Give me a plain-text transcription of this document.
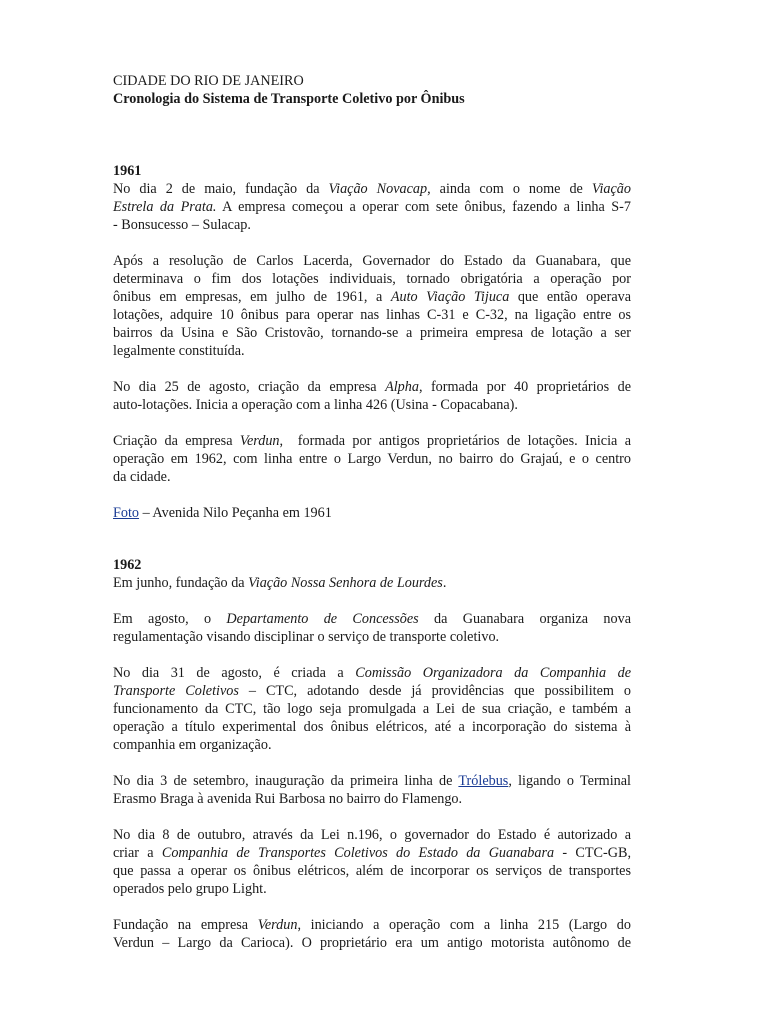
CIDADE DO RIO DE JANEIRO
Cronologia do Sistema de Transporte Coletivo por Ônibus
1961
No dia 2 de maio, fundação da Viação Novacap, ainda com o nome de Viação
Estrela da Prata. A empresa começou a operar com sete ônibus, fazendo a linha S-7
- Bonsucesso – Sulacap.
Após a resolução de Carlos Lacerda, Governador do Estado da Guanabara, que
determinava o fim dos lotações individuais, tornado obrigatória a operação por
ônibus em empresas, em julho de 1961, a Auto Viação Tijuca que então operava
lotações, adquire 10 ônibus para operar nas linhas C-31 e C-32, na ligação entre os
bairros da Usina e São Cristovão, tornando-se a primeira empresa de lotação a ser
legalmente constituída.
No dia 25 de agosto, criação da empresa Alpha, formada por 40 proprietários de
auto-lotações. Inicia a operação com a linha 426 (Usina - Copacabana).
Criação da empresa Verdun,  formada por antigos proprietários de lotações. Inicia a
operação em 1962, com linha entre o Largo Verdun, no bairro do Grajaú, e o centro
da cidade.
Foto – Avenida Nilo Peçanha em 1961
1962
Em junho, fundação da Viação Nossa Senhora de Lourdes.
Em agosto, o Departamento de Concessões da Guanabara organiza nova
regulamentação visando disciplinar o serviço de transporte coletivo.
No dia 31 de agosto, é criada a Comissão Organizadora da Companhia de
Transporte Coletivos – CTC, adotando desde já providências que possibilitem o
funcionamento da CTC, tão logo seja promulgada a Lei de sua criação, e também a
operação a título experimental dos ônibus elétricos, até a incorporação do sistema à
companhia em organização.
No dia 3 de setembro, inauguração da primeira linha de Trólebus, ligando o Terminal
Erasmo Braga à avenida Rui Barbosa no bairro do Flamengo.
No dia 8 de outubro, através da Lei n.196, o governador do Estado é autorizado a
criar a Companhia de Transportes Coletivos do Estado da Guanabara - CTC-GB,
que passa a operar os ônibus elétricos, além de incorporar os serviços de transportes
operados pelo grupo Light.
Fundação na empresa Verdun, iniciando a operação com a linha 215 (Largo do
Verdun – Largo da Carioca). O proprietário era um antigo motorista autônomo de
